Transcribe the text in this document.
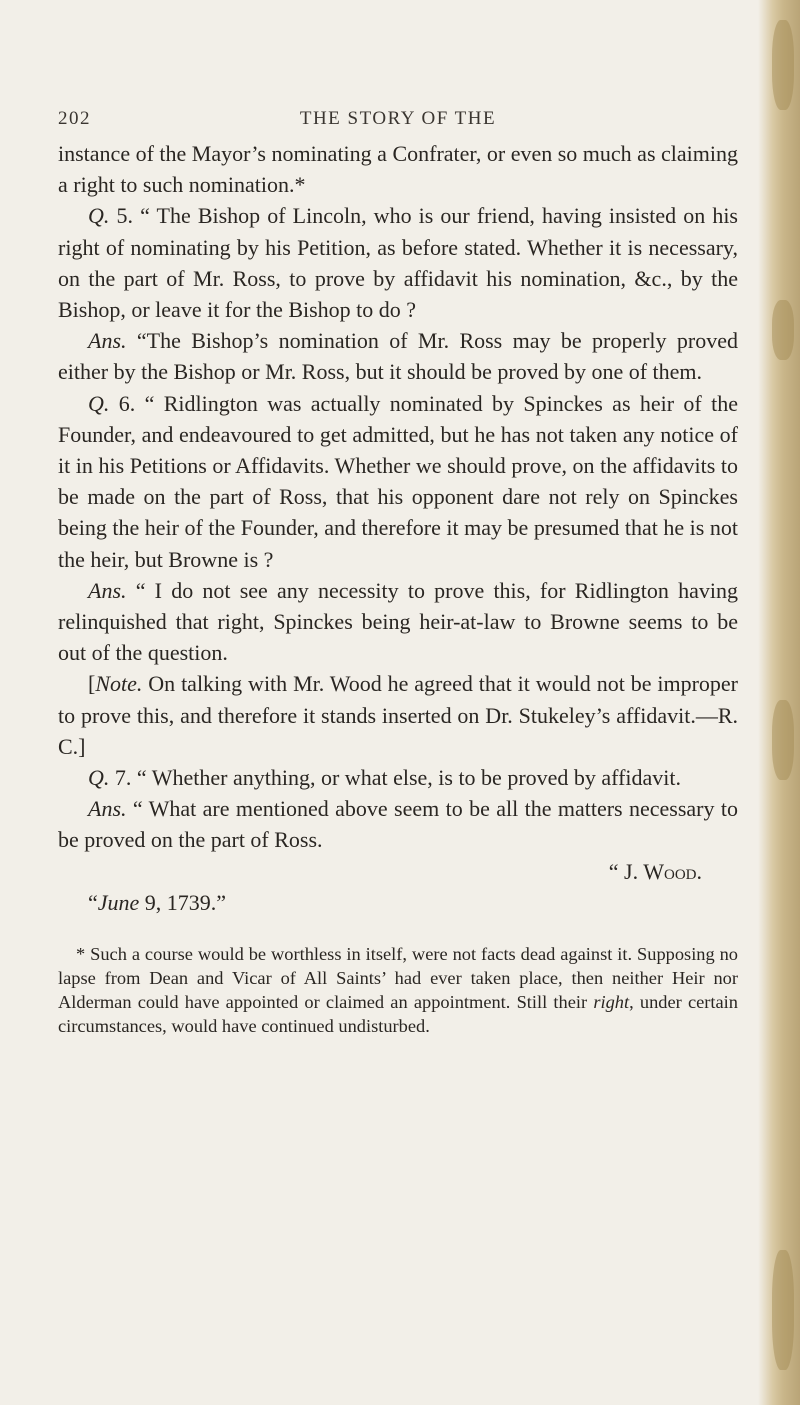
202	THE STORY OF THE

instance of the Mayor’s nominating a Confrater, or even so much as claiming a right to such nomination.*

Q. 5. “ The Bishop of Lincoln, who is our friend, having insisted on his right of nominating by his Petition, as before stated. Whether it is necessary, on the part of Mr. Ross, to prove by affidavit his nomination, &c., by the Bishop, or leave it for the Bishop to do ?

Ans. “The Bishop’s nomination of Mr. Ross may be properly proved either by the Bishop or Mr. Ross, but it should be proved by one of them.

Q. 6. “ Ridlington was actually nominated by Spinckes as heir of the Founder, and endeavoured to get admitted, but he has not taken any notice of it in his Petitions or Affidavits. Whether we should prove, on the affidavits to be made on the part of Ross, that his opponent dare not rely on Spinckes being the heir of the Founder, and therefore it may be presumed that he is not the heir, but Browne is ?

Ans. “ I do not see any necessity to prove this, for Ridlington having relinquished that right, Spinckes being heir-at-law to Browne seems to be out of the question.

[Note. On talking with Mr. Wood he agreed that it would not be improper to prove this, and therefore it stands inserted on Dr. Stukeley’s affidavit.—R. C.]

Q. 7. “ Whether anything, or what else, is to be proved by affidavit.

Ans. “ What are mentioned above seem to be all the matters necessary to be proved on the part of Ross.

“ J. Wood.

“June 9, 1739.”

* Such a course would be worthless in itself, were not facts dead against it. Supposing no lapse from Dean and Vicar of All Saints’ had ever taken place, then neither Heir nor Alderman could have appointed or claimed an appointment. Still their right, under certain circumstances, would have continued undisturbed.
